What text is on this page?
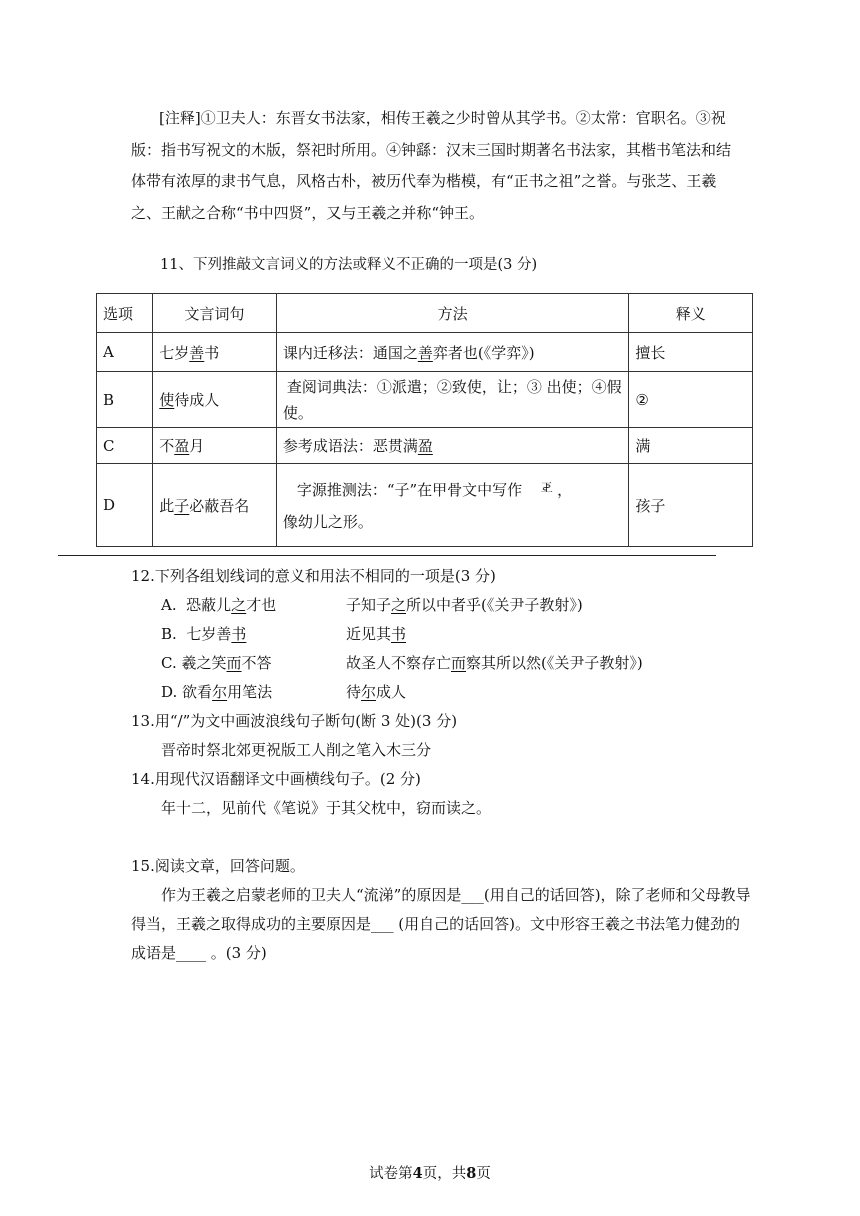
[注释]①卫夫人：东晋女书法家，相传王羲之少时曾从其学书。②太常：官职名。③祝 版：指书写祝文的木版，祭祀时所用。④钟繇：汉末三国时期著名书法家，其楷书笔法和结体带有浓厚的隶书气息，风格古朴，被历代奉为楷模，有“正书之祖”之誉。与张芝、王羲之、王献之合称“书中四贤”，又与王羲之并称“钟王。

11、下列推敲文言词义的方法或释义不正确的一项是(3 分)
选项	文言词句	方法	释义
A	七岁善书	课内迁移法：通国之善弈者也(《学弈》)	擅长
B	使待成人	查阅词典法：①派遣；②致使，让；③ 出使；④假使。	②
C	不盈月	参考成语法：恶贯满盈	满
D	此子必蔽吾名	字源推测法：“子”在甲骨文中写作 𢀓 ，
像幼儿之形。	孩子
12.下列各组划线词的意义和用法不相同的一项是(3 分)
A. 恐蔽儿之才也	子知子之所以中者乎(《关尹子教射》)
B. 七岁善书	近见其书
C. 羲之笑而不答	故圣人不察存亡而察其所以然(《关尹子教射》)
D. 欲看尔用笔法	待尔成人
13.用“/”为文中画波浪线句子断句(断 3 处)(3 分)
晋帝时祭北郊更祝版工人削之笔入木三分
14.用现代汉语翻译文中画横线句子。(2 分)
年十二，见前代《笔说》于其父枕中，窃而读之。
15.阅读文章，回答问题。

作为王羲之启蒙老师的卫夫人“流涕”的原因是___(用自己的话回答)，除了老师和父母教导得当，王羲之取得成功的主要原因是___ (用自己的话回答)。文中形容王羲之书法笔力健劲的成语是____ 。(3 分)

试卷第4页，共8页
